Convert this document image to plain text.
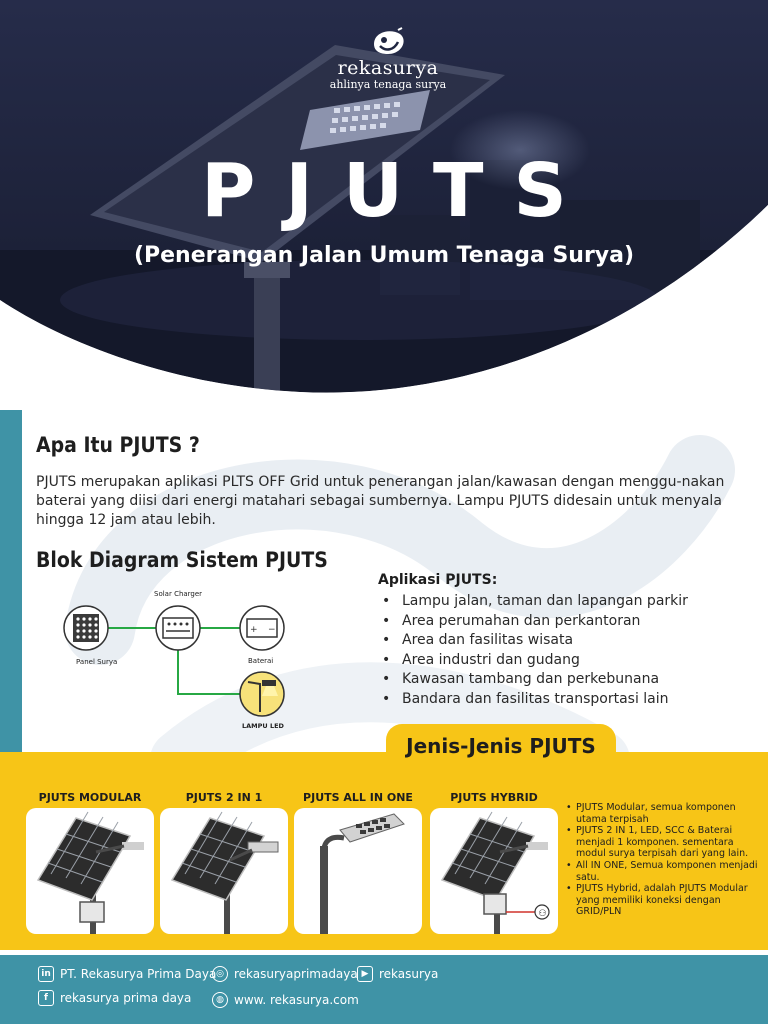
rekasurya
ahlinya tenaga surya
PJUTS
(Penerangan Jalan Umum Tenaga Surya)
Apa Itu PJUTS ?

PJUTS merupakan aplikasi PLTS OFF Grid untuk penerangan jalan/kawasan dengan menggu-nakan baterai yang diisi dari energi matahari sebagai sumbernya. Lampu PJUTS didesain untuk menyala hingga 12 jam atau lebih.

Blok Diagram Sistem PJUTS
Panel Surya
Solar Charger
+ −
Baterai
LAMPU LED
Aplikasi PJUTS:
• Lampu jalan, taman dan lapangan parkir
• Area perumahan dan perkantoran
• Area dan fasilitas wisata
• Area industri dan gudang
• Kawasan tambang dan perkebunana
• Bandara dan fasilitas transportasi lain
Jenis-Jenis PJUTS
PJUTS MODULAR	PJUTS 2 IN 1	PJUTS ALL IN ONE	PJUTS HYBRID
⚇
• PJUTS Modular, semua komponen utama terpisah
• PJUTS 2 IN 1, LED, SCC & Baterai menjadi 1 komponen. sementara modul surya terpisah dari yang lain.
• All IN ONE, Semua komponen menjadi satu.
• PJUTS Hybrid, adalah PJUTS Modular yang memiliki koneksi dengan GRID/PLN
in PT. Rekasurya Prima Daya ◎ rekasuryaprimadaya ▶ rekasurya
f	rekasurya prima daya	◍ www. rekasurya.com
